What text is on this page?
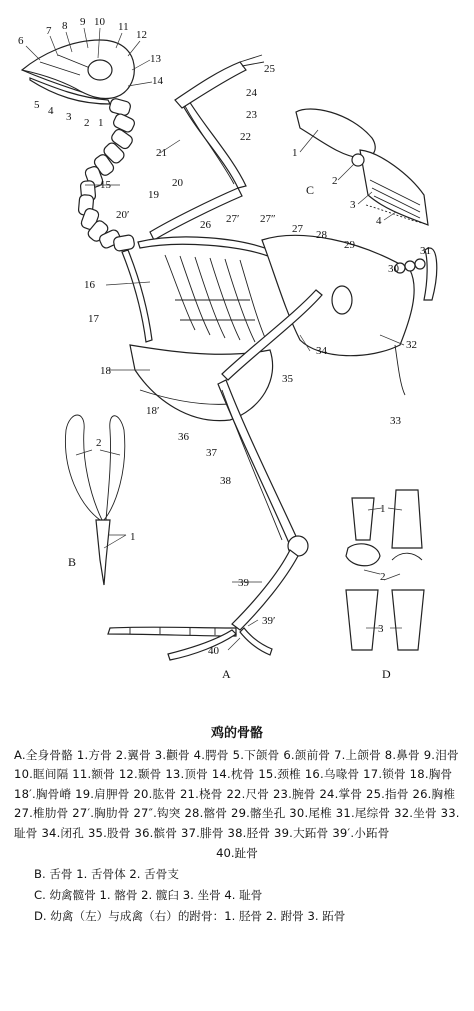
6
7 8 9 10 11
12
13
14
5 4 3 2 1
25
24
23
22
21
15	20
19
20′
26 27′ 27″
27 28
29	31
30
16
17
34	32
18
35
18′
36
33
37
38
39
39′
40
A
2
1
B
1
2
3
4
C
1
2
3
D
鸡的骨骼
A.全身骨骼 1.方骨 2.翼骨 3.颧骨 4.腭骨 5.下颌骨 6.颌前骨 7.上颌骨 8.鼻骨 9.泪骨 10.眶间隔 11.额骨 12.颞骨 13.顶骨 14.枕骨 15.颈椎 16.乌喙骨 17.锁骨 18.胸骨 18′.胸骨嵴 19.肩胛骨 20.肱骨 21.桡骨 22.尺骨 23.腕骨 24.掌骨 25.指骨 26.胸椎 27.椎肋骨 27′.胸肋骨 27″.钩突 28.髂骨 29.髂坐孔 30.尾椎 31.尾综骨 32.坐骨 33.耻骨 34.闭孔 35.股骨 36.髌骨 37.腓骨 38.胫骨 39.大跖骨 39′.小跖骨
40.趾骨
B. 舌骨 1. 舌骨体 2. 舌骨支
C. 幼禽髋骨 1. 髂骨 2. 髋臼 3. 坐骨 4. 耻骨
D. 幼禽（左）与成禽（右）的跗骨：1. 胫骨 2. 跗骨 3. 跖骨
